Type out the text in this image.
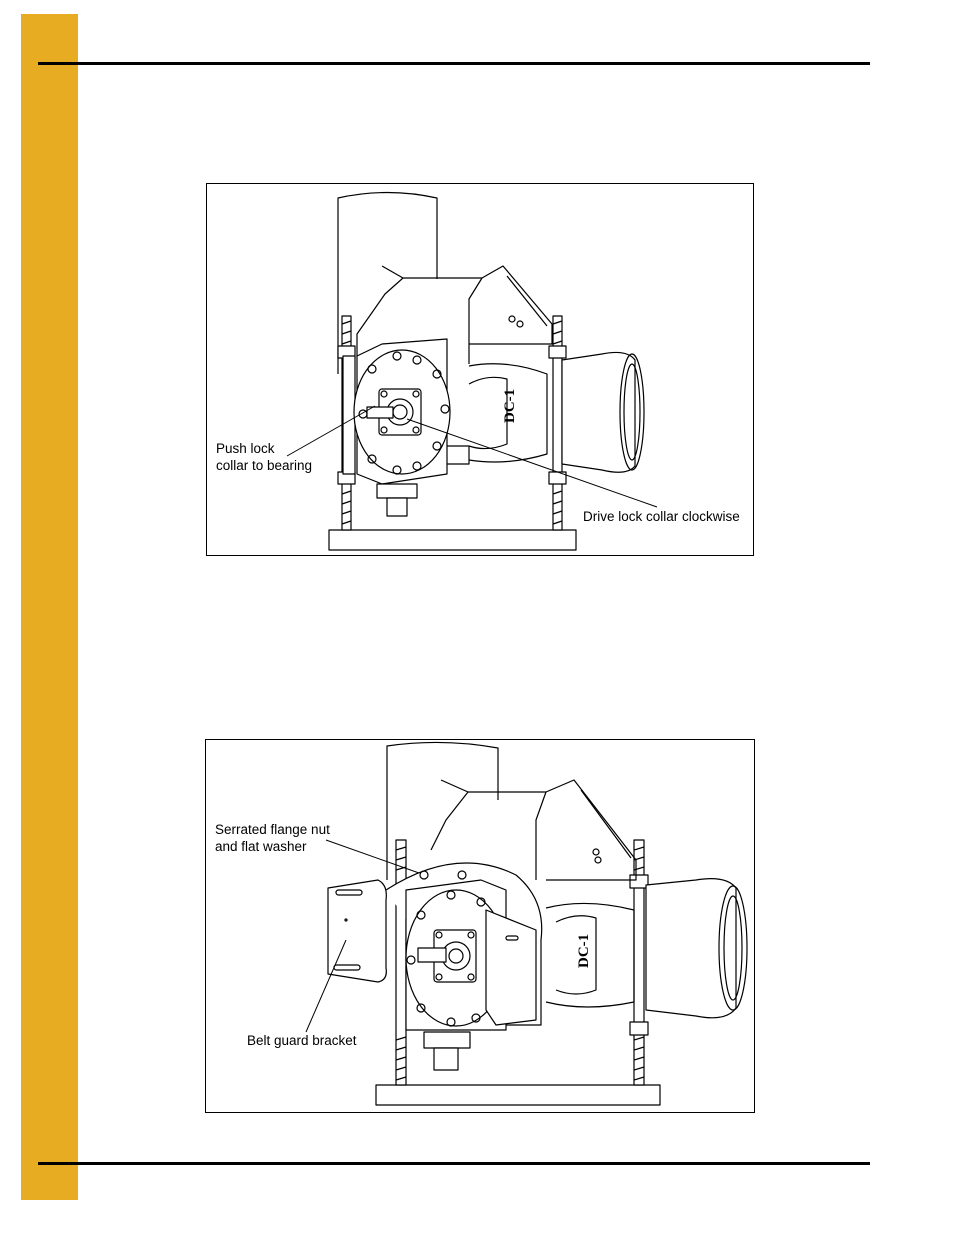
DC-1
Push lock
collar to bearing
Drive lock collar clockwise
DC-1
Serrated flange nut
and flat washer
Belt guard bracket
